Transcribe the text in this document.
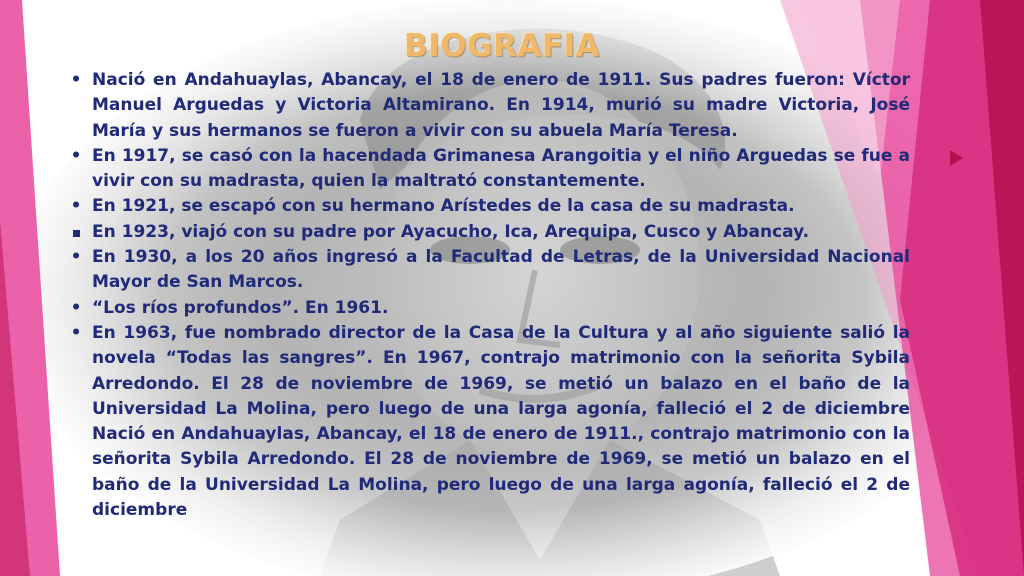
BIOGRAFIA
• Nació en Andahuaylas, Abancay, el 18 de enero de 1911. Sus padres fueron: Víctor Manuel Arguedas y Victoria Altamirano. En 1914, murió su madre Victoria, José María y sus hermanos se fueron a vivir con su abuela María Teresa.
• En 1917, se casó con la hacendada Grimanesa Arangoitia y el niño Arguedas se fue a vivir con su madrasta, quien la maltrató constantemente.
• En 1921, se escapó con su hermano Arístedes de la casa de su madrasta.
En 1923, viajó con su padre por Ayacucho, Ica, Arequipa, Cusco y Abancay.
• En 1930, a los 20 años ingresó a la Facultad de Letras, de la Universidad Nacional Mayor de San Marcos.
• “Los ríos profundos”. En 1961.
• En 1963, fue nombrado director de la Casa de la Cultura y al año siguiente salió la novela “Todas las sangres”. En 1967, contrajo matrimonio con la señorita Sybila Arredondo. El 28 de noviembre de 1969, se metió un balazo en el baño de la Universidad La Molina, pero luego de una larga agonía, falleció el 2 de diciembre Nació en Andahuaylas, Abancay, el 18 de enero de 1911., contrajo matrimonio con la señorita Sybila Arredondo. El 28 de noviembre de 1969, se metió un balazo en el baño de la Universidad La Molina, pero luego de una larga agonía, falleció el 2 de diciembre
